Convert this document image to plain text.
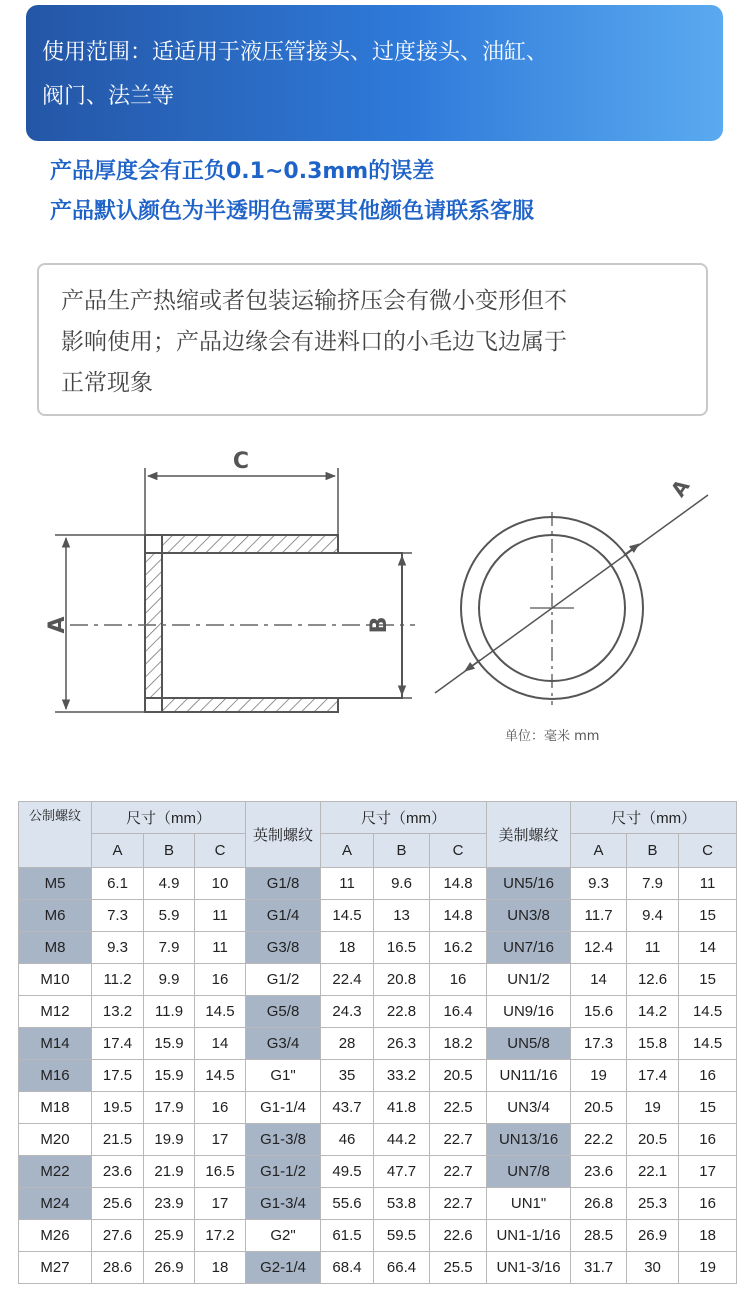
使用范围：适适用于液压管接头、过度接头、油缸、
阀门、法兰等
产品厚度会有正负0.1~0.3mm的误差
产品默认颜色为半透明色需要其他颜色请联系客服
产品生产热缩或者包装运输挤压会有微小变形但不
影响使用；产品边缘会有进料口的小毛边飞边属于
正常现象
C
A	B
A
单位：毫米 mm
公制螺纹	尺寸（mm）			英制螺纹	尺寸（mm）			美制螺纹	尺寸（mm）		
	A	B	C		A	B	C		A	B	C
M5	6.1	4.9	10	G1/8	11	9.6	14.8	UN5/16	9.3	7.9	11
M6	7.3	5.9	11	G1/4	14.5	13	14.8	UN3/8	11.7	9.4	15
M8	9.3	7.9	11	G3/8	18	16.5	16.2	UN7/16	12.4	11	14
M10	11.2	9.9	16	G1/2	22.4	20.8	16	UN1/2	14	12.6	15
M12	13.2	11.9	14.5	G5/8	24.3	22.8	16.4	UN9/16	15.6	14.2	14.5
M14	17.4	15.9	14	G3/4	28	26.3	18.2	UN5/8	17.3	15.8	14.5
M16	17.5	15.9	14.5	G1"	35	33.2	20.5	UN11/16	19	17.4	16
M18	19.5	17.9	16	G1-1/4	43.7	41.8	22.5	UN3/4	20.5	19	15
M20	21.5	19.9	17	G1-3/8	46	44.2	22.7	UN13/16	22.2	20.5	16
M22	23.6	21.9	16.5	G1-1/2	49.5	47.7	22.7	UN7/8	23.6	22.1	17
M24	25.6	23.9	17	G1-3/4	55.6	53.8	22.7	UN1"	26.8	25.3	16
M26	27.6	25.9	17.2	G2"	61.5	59.5	22.6	UN1-1/16	28.5	26.9	18
M27	28.6	26.9	18	G2-1/4	68.4	66.4	25.5	UN1-3/16	31.7	30	19
